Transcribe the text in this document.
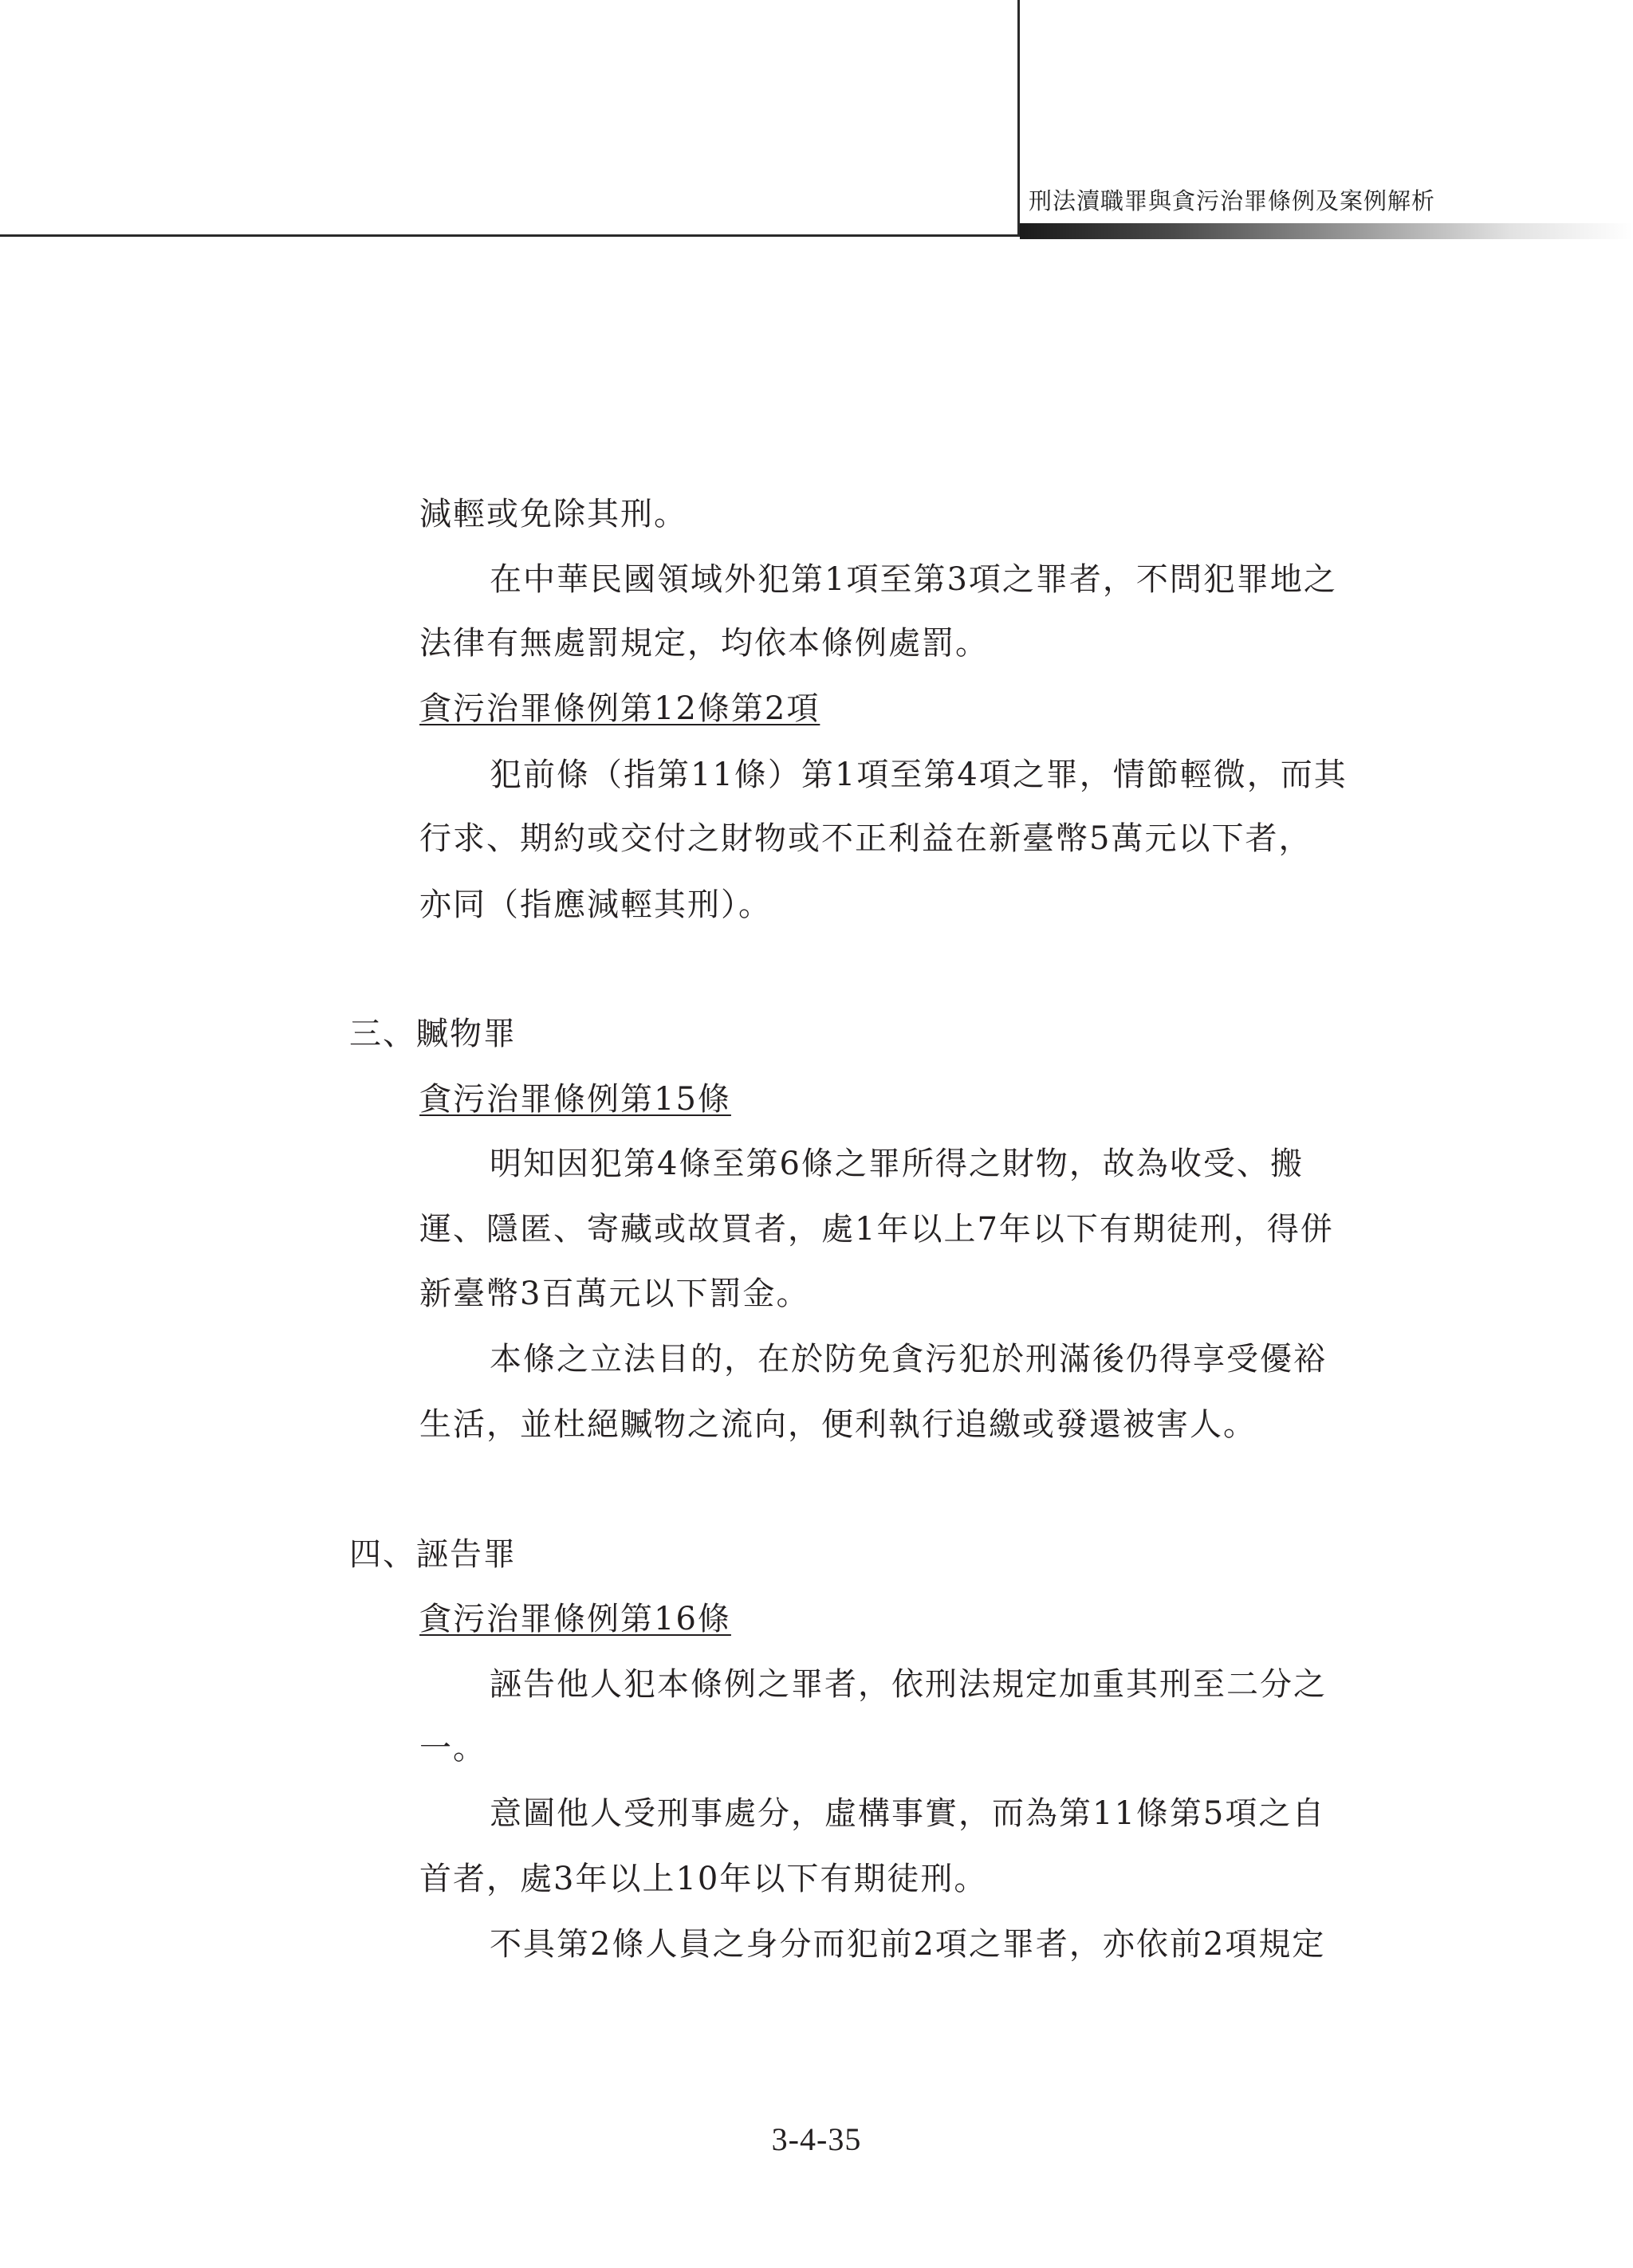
刑法瀆職罪與貪污治罪條例及案例解析
減輕或免除其刑。
在中華民國領域外犯第1項至第3項之罪者，不問犯罪地之
法律有無處罰規定，均依本條例處罰。
貪污治罪條例第12條第2項
犯前條（指第11條）第1項至第4項之罪，情節輕微，而其
行求、期約或交付之財物或不正利益在新臺幣5萬元以下者，
亦同（指應減輕其刑）。
三、贓物罪
貪污治罪條例第15條
明知因犯第4條至第6條之罪所得之財物，故為收受、搬
運、隱匿、寄藏或故買者，處1年以上7年以下有期徒刑，得併
新臺幣3百萬元以下罰金。
本條之立法目的，在於防免貪污犯於刑滿後仍得享受優裕
生活，並杜絕贓物之流向，便利執行追繳或發還被害人。
四、誣告罪
貪污治罪條例第16條
誣告他人犯本條例之罪者，依刑法規定加重其刑至二分之
一。
意圖他人受刑事處分，虛構事實，而為第11條第5項之自
首者，處3年以上10年以下有期徒刑。
不具第2條人員之身分而犯前2項之罪者，亦依前2項規定
3-4-35
